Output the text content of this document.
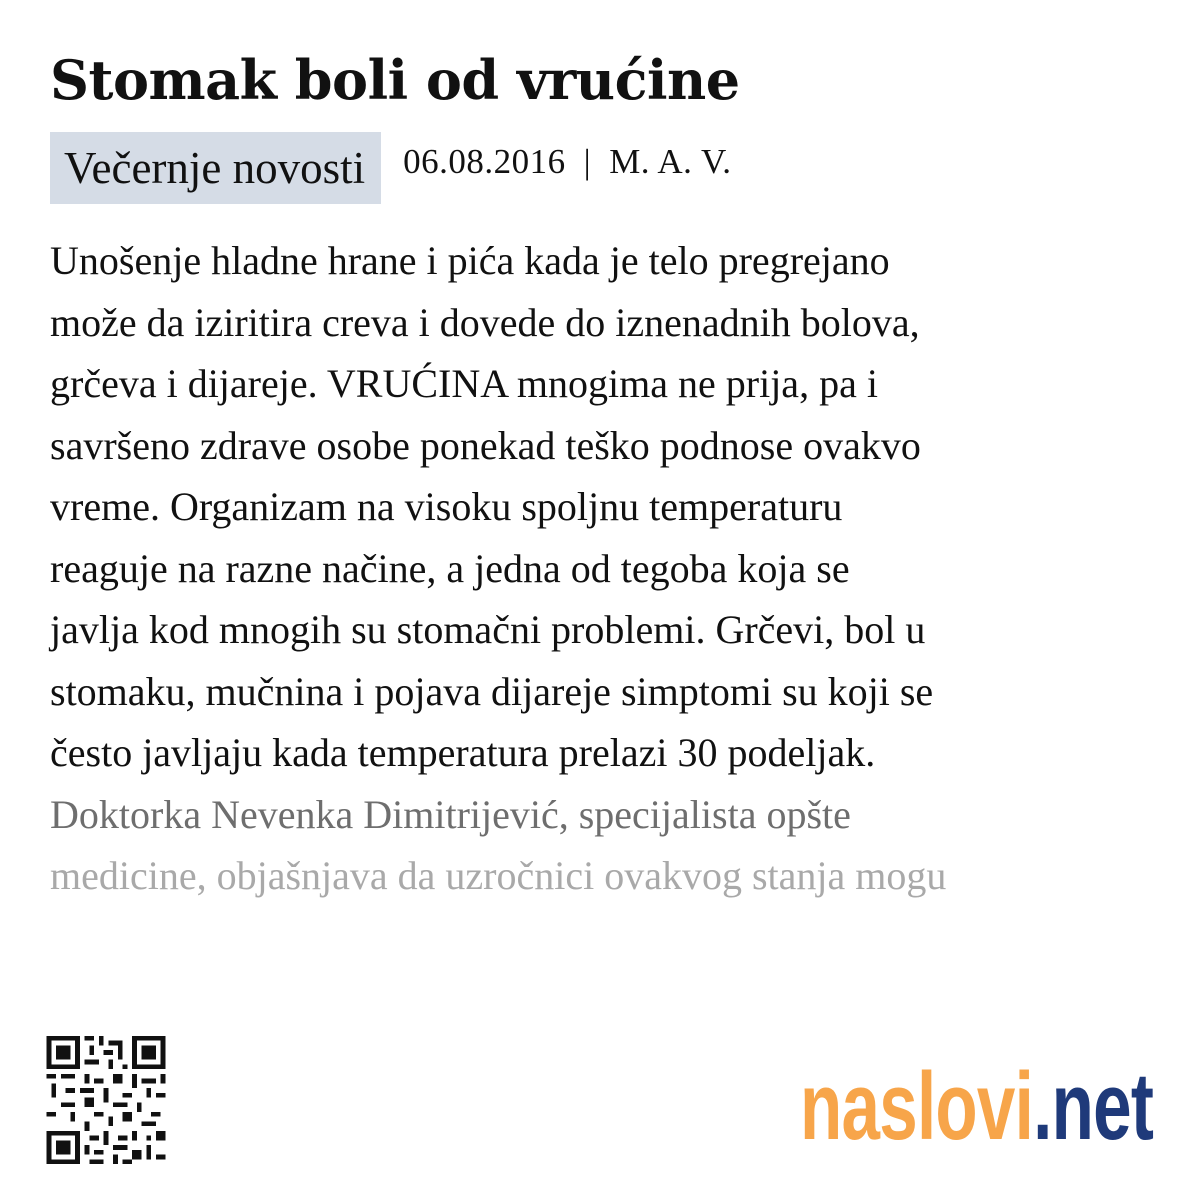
Stomak boli od vrućine
Večernje novosti	06.08.2016 | M. A. V.
Unošenje hladne hrane i pića kada je telo pregrejano
može da iziritira creva i dovede do iznenadnih bolova,
grčeva i dijareje. VRUĆINA mnogima ne prija, pa i
savršeno zdrave osobe ponekad teško podnose ovakvo
vreme. Organizam na visoku spoljnu temperaturu
reaguje na razne načine, a jedna od tegoba koja se
javlja kod mnogih su stomačni problemi. Grčevi, bol u
stomaku, mučnina i pojava dijareje simptomi su koji se
često javljaju kada temperatura prelazi 30 podeljak.
Doktorka Nevenka Dimitrijević, specijalista opšte
medicine, objašnjava da uzročnici ovakvog stanja mogu
naslovi.net
